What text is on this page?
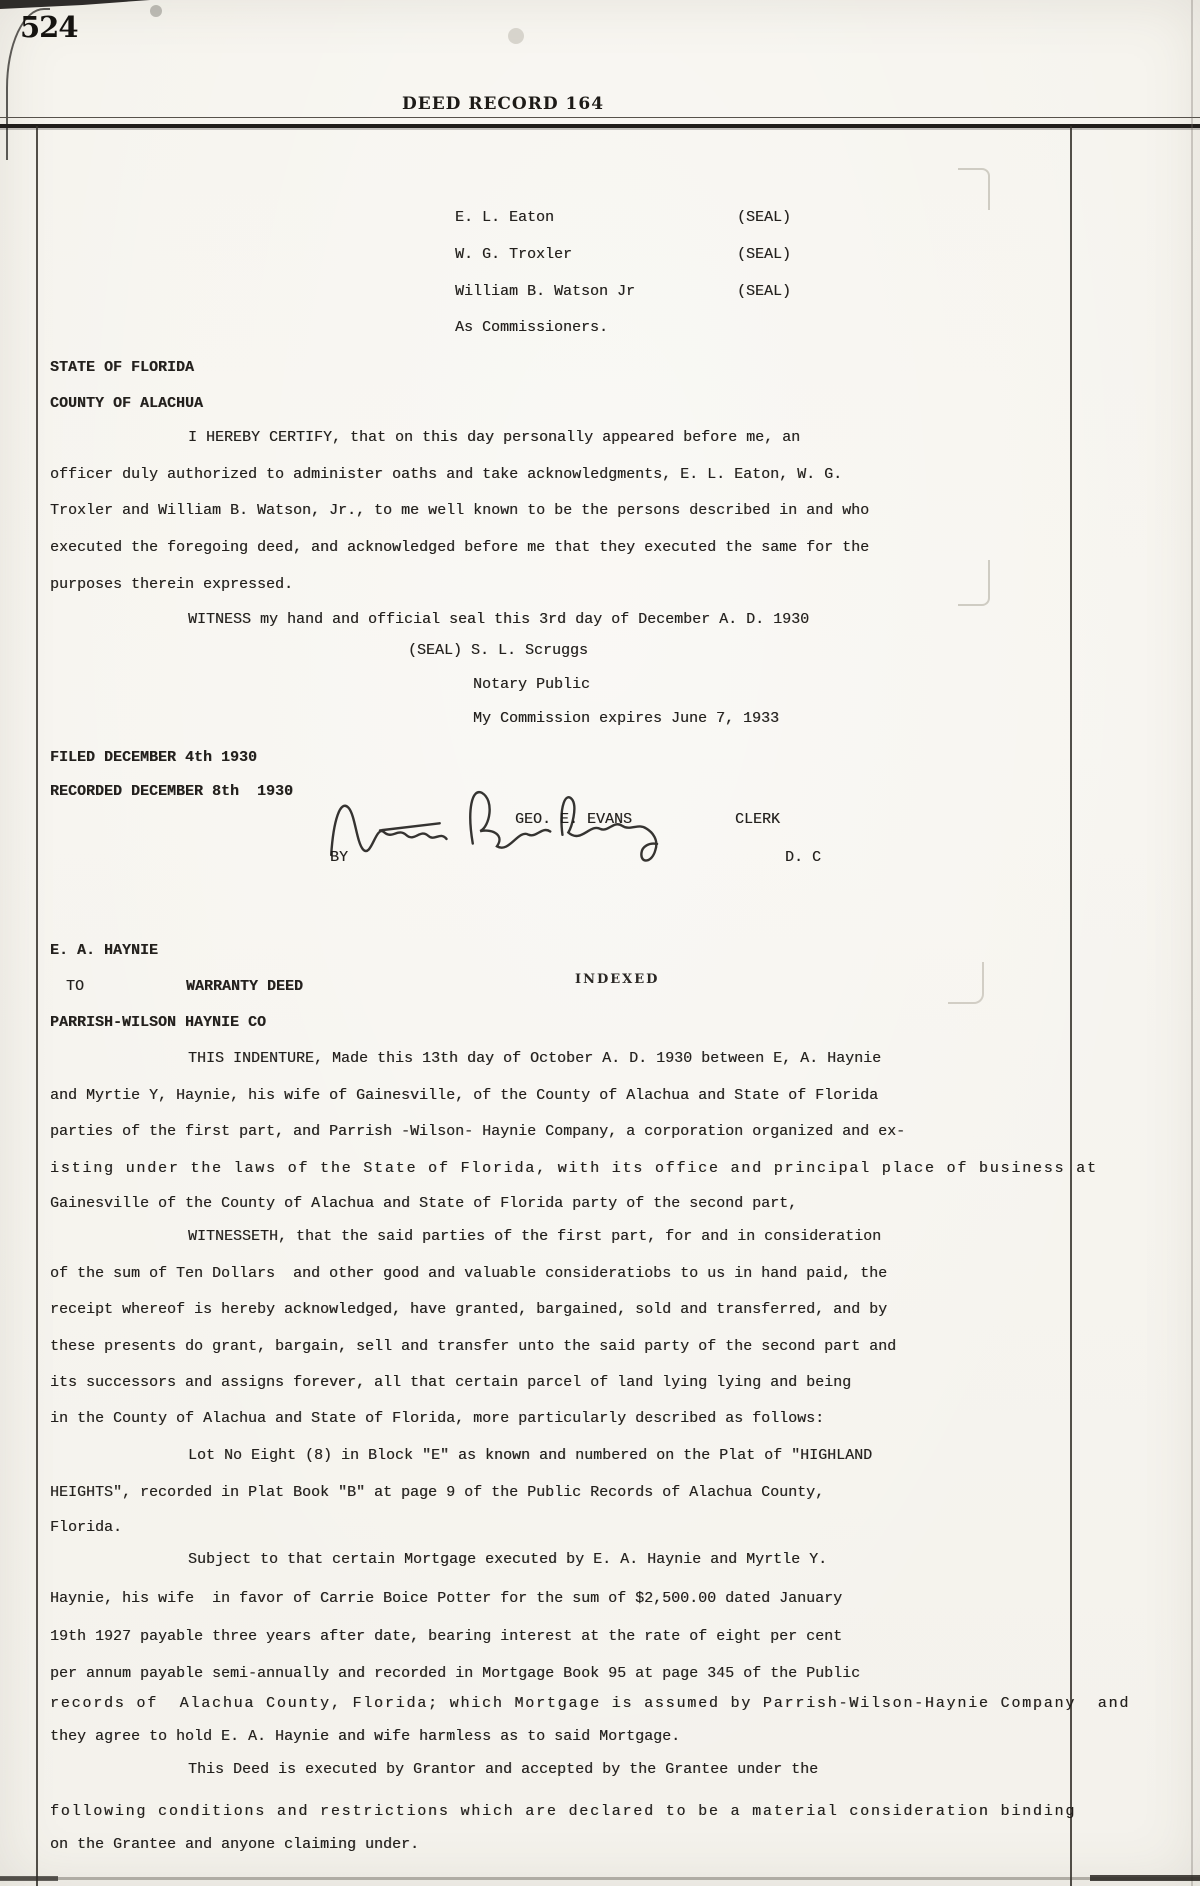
524
DEED RECORD 164
E. L. Eaton	(SEAL)
W. G. Troxler	(SEAL)
William B. Watson Jr	(SEAL)
As Commissioners.
STATE OF FLORIDA
COUNTY OF ALACHUA
I HEREBY CERTIFY, that on this day personally appeared before me, an
officer duly authorized to administer oaths and take acknowledgments, E. L. Eaton, W. G.
Troxler and William B. Watson, Jr., to me well known to be the persons described in and who
executed the foregoing deed, and acknowledged before me that they executed the same for the
purposes therein expressed.
WITNESS my hand and official seal this 3rd day of December A. D. 1930
(SEAL) S. L. Scruggs
Notary Public
My Commission expires June 7, 1933
FILED DECEMBER 4th 1930
RECORDED DECEMBER 8th  1930
GEO. E. EVANS	CLERK
BY	D. C
E. A. HAYNIE
TO	WARRANTY DEED	INDEXED
PARRISH-WILSON HAYNIE CO
THIS INDENTURE, Made this 13th day of October A. D. 1930 between E, A. Haynie
and Myrtie Y, Haynie, his wife of Gainesville, of the County of Alachua and State of Florida
parties of the first part, and Parrish -Wilson- Haynie Company, a corporation organized and ex-
isting under the laws of the State of Florida, with its office and principal place of business at
Gainesville of the County of Alachua and State of Florida party of the second part,
WITNESSETH, that the said parties of the first part, for and in consideration
of the sum of Ten Dollars  and other good and valuable consideratiobs to us in hand paid, the
receipt whereof is hereby acknowledged, have granted, bargained, sold and transferred, and by
these presents do grant, bargain, sell and transfer unto the said party of the second part and
its successors and assigns forever, all that certain parcel of land lying lying and being
in the County of Alachua and State of Florida, more particularly described as follows:
Lot No Eight (8) in Block "E" as known and numbered on the Plat of "HIGHLAND
HEIGHTS", recorded in Plat Book "B" at page 9 of the Public Records of Alachua County,
Florida.
Subject to that certain Mortgage executed by E. A. Haynie and Myrtle Y.
Haynie, his wife  in favor of Carrie Boice Potter for the sum of $2,500.00 dated January
19th 1927 payable three years after date, bearing interest at the rate of eight per cent
per annum payable semi-annually and recorded in Mortgage Book 95 at page 345 of the Public
records of  Alachua County, Florida; which Mortgage is assumed by Parrish-Wilson-Haynie Company  and
they agree to hold E. A. Haynie and wife harmless as to said Mortgage.
This Deed is executed by Grantor and accepted by the Grantee under the
following conditions and restrictions which are declared to be a material consideration binding
on the Grantee and anyone claiming under.
